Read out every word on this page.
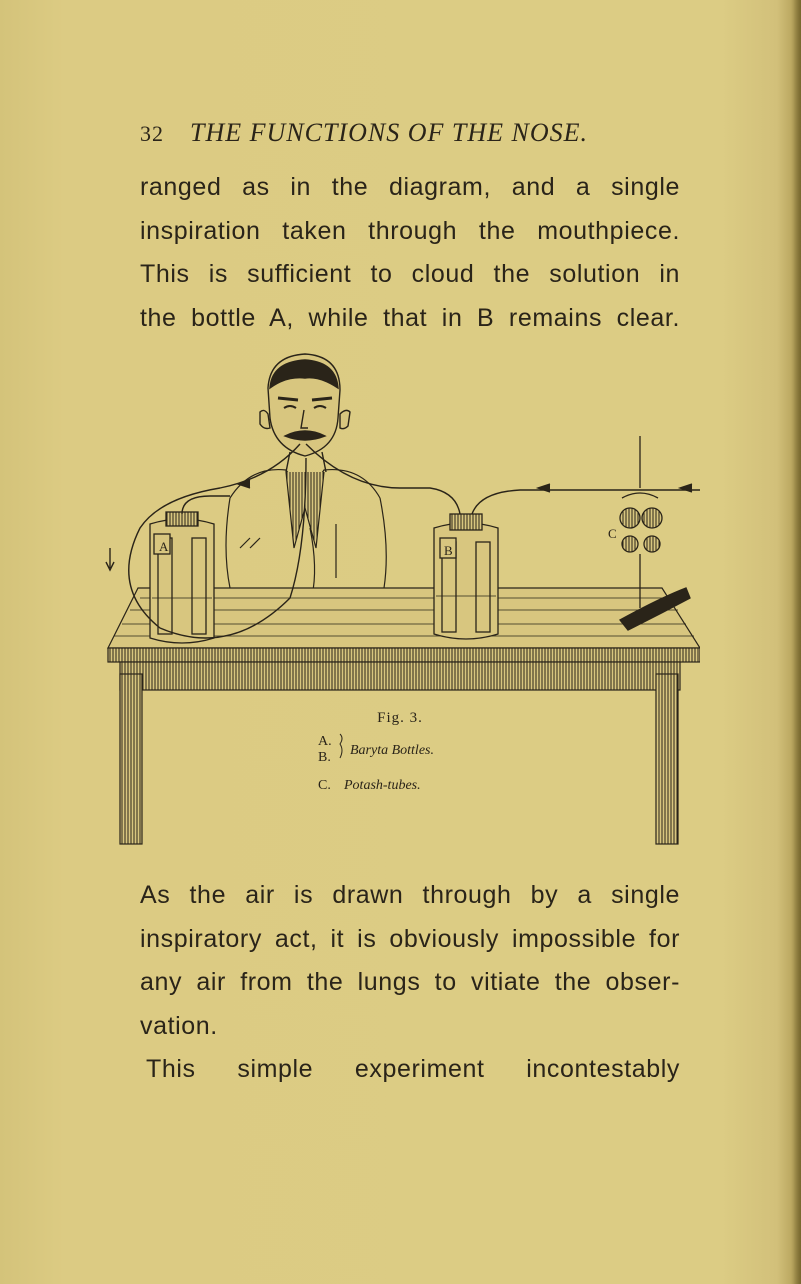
32 THE FUNCTIONS OF THE NOSE.
ranged as in the diagram, and a single
inspiration taken through the mouthpiece.
This is sufficient to cloud the solution in
the bottle A, while that in B remains clear.
A	B
C
Fig. 3.
A.
B. Baryta Bottles.
C. Potash-tubes.
As the air is drawn through by a single
inspiratory act, it is obviously impossible for
any air from the lungs to vitiate the obser-
vation.
This simple experiment incontestably
